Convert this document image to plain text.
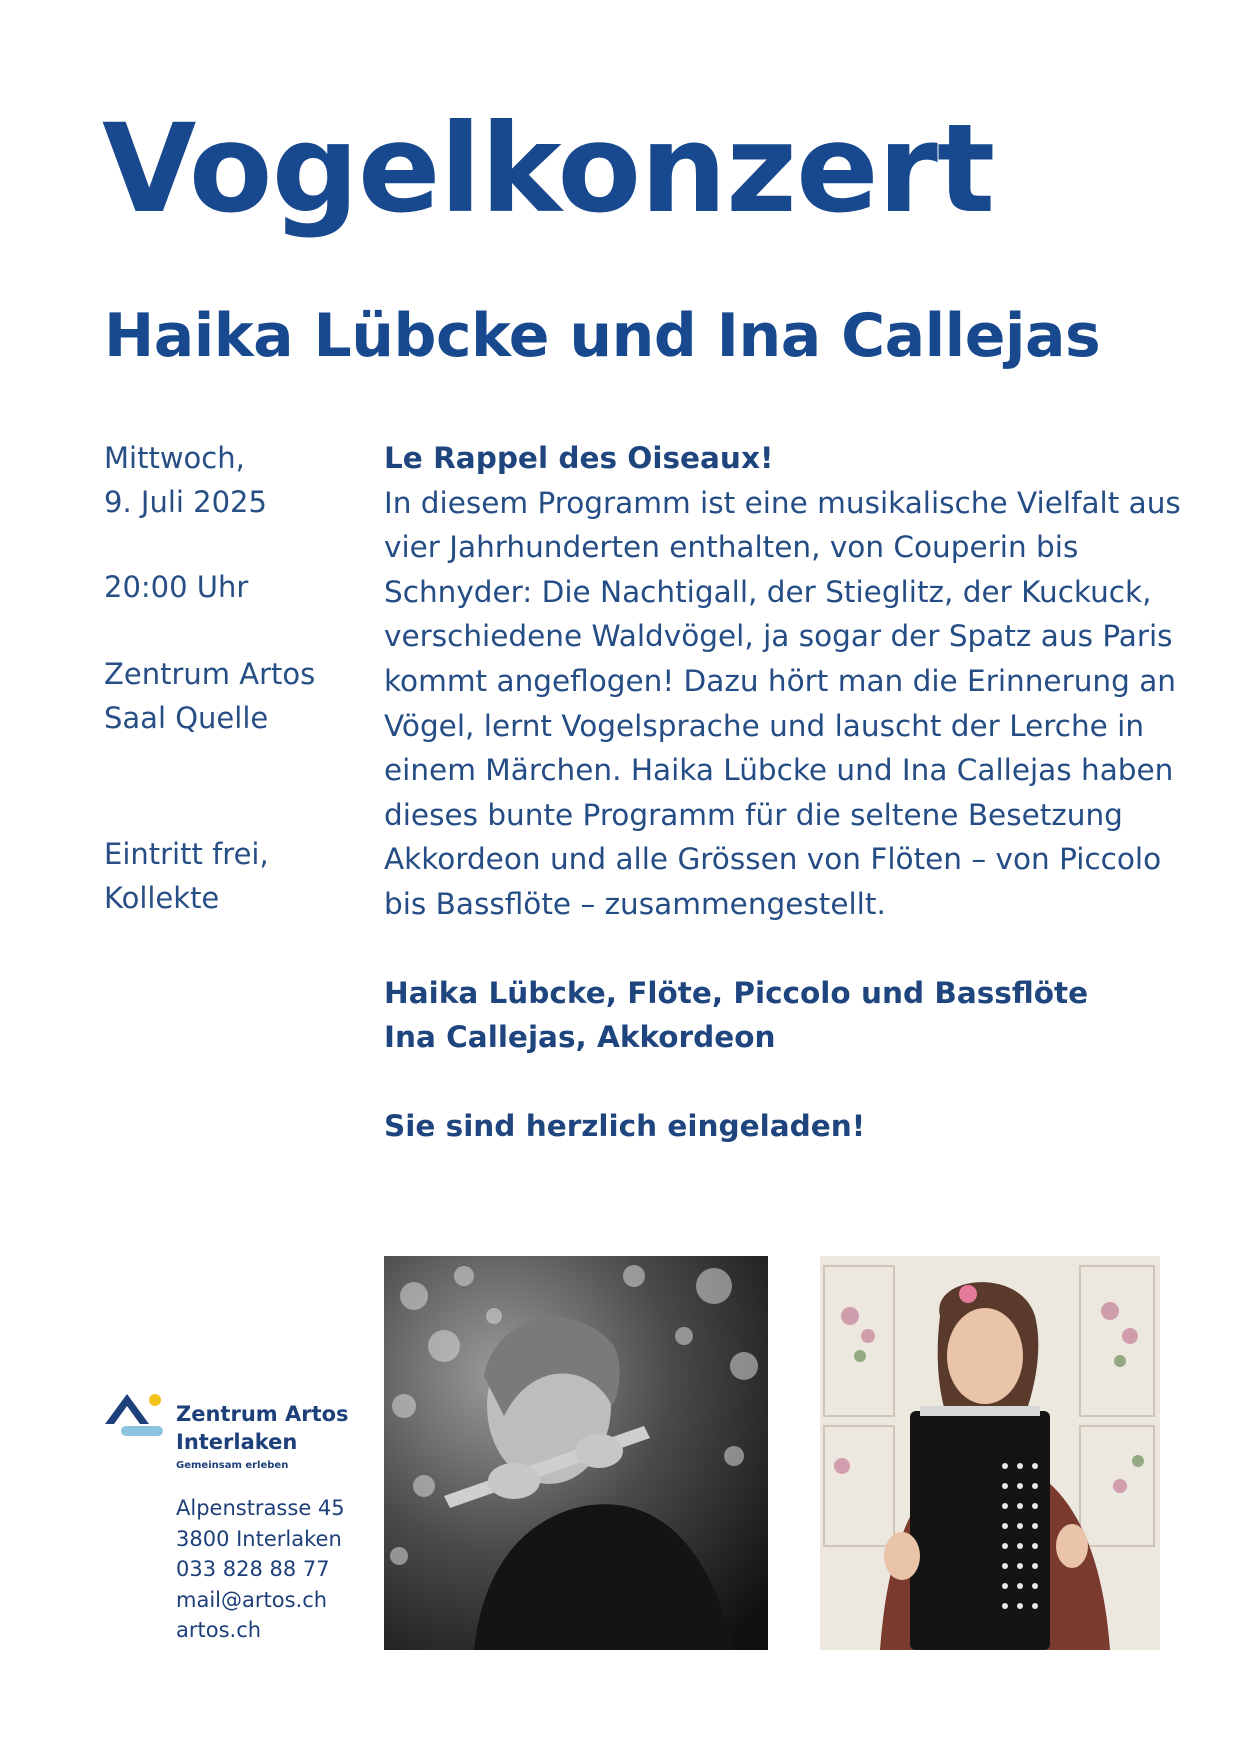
Vogelkonzert
Haika Lübcke und Ina Callejas

Mittwoch,

9. Juli 2025

20:00 Uhr

Zentrum Artos

Saal Quelle

Eintritt frei,

Kollekte

Le Rappel des Oiseaux!

In diesem Programm ist eine musikalische Vielfalt aus

vier Jahrhunderten enthalten, von Couperin bis

Schnyder: Die Nachtigall, der Stieglitz, der Kuckuck,

verschiedene Waldvögel, ja sogar der Spatz aus Paris

kommt angeflogen! Dazu hört man die Erinnerung an

Vögel, lernt Vogelsprache und lauscht der Lerche in

einem Märchen. Haika Lübcke und Ina Callejas haben

dieses bunte Programm für die seltene Besetzung

Akkordeon und alle Grössen von Flöten – von Piccolo

bis Bassflöte – zusammengestellt.

Haika Lübcke, Flöte, Piccolo und Bassflöte

Ina Callejas, Akkordeon

Sie sind herzlich eingeladen!

Zentrum Artos
Interlaken
Gemeinsam erleben
Alpenstrasse 45
3800 Interlaken
033 828 88 77
mail@artos.ch
artos.ch
